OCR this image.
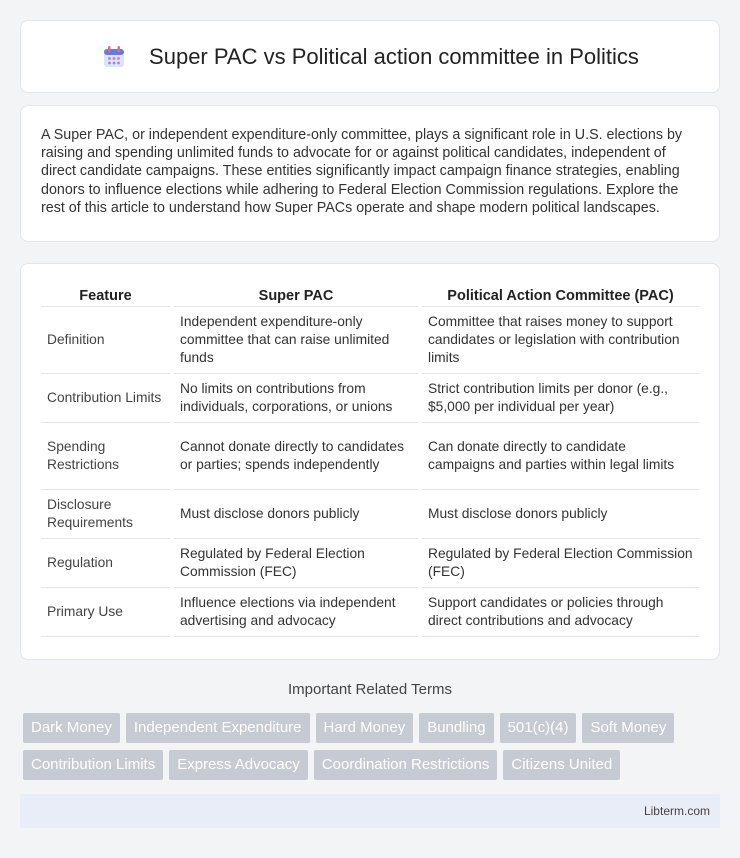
Super PAC vs Political action committee in Politics

A Super PAC, or independent expenditure-only committee, plays a significant role in U.S. elections by raising and spending unlimited funds to advocate for or against political candidates, independent of direct candidate campaigns. These entities significantly impact campaign finance strategies, enabling donors to influence elections while adhering to Federal Election Commission regulations. Explore the rest of this article to understand how Super PACs operate and shape modern political landscapes.

Feature	Super PAC	Political Action Committee (PAC)
Definition	Independent expenditure-only committee that can raise unlimited funds	Committee that raises money to support candidates or legislation with contribution limits
Contribution Limits	No limits on contributions from individuals, corporations, or unions	Strict contribution limits per donor (e.g., $5,000 per individual per year)
Spending Restrictions	Cannot donate directly to candidates or parties; spends independently	Can donate directly to candidate campaigns and parties within legal limits
Disclosure Requirements	Must disclose donors publicly	Must disclose donors publicly
Regulation	Regulated by Federal Election Commission (FEC)	Regulated by Federal Election Commission (FEC)
Primary Use	Influence elections via independent advertising and advocacy	Support candidates or policies through direct contributions and advocacy
Important Related Terms
Dark Money	Independent Expenditure	Hard Money	Bundling	501(c)(4)	Soft Money
Contribution Limits	Express Advocacy	Coordination Restrictions	Citizens United
Libterm.com
